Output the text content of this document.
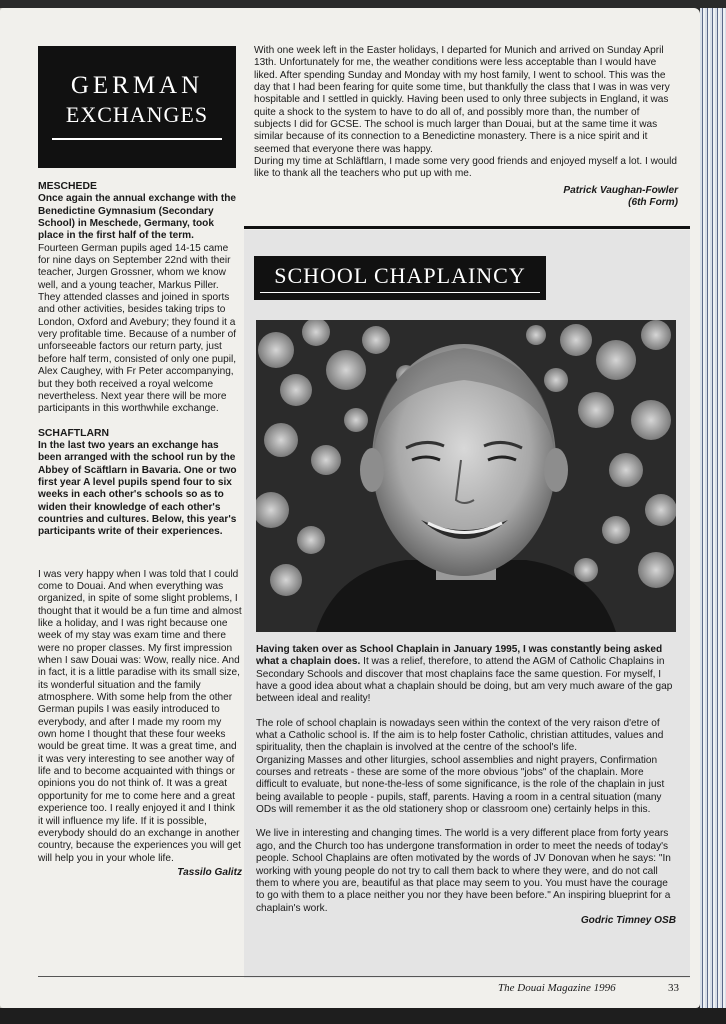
GERMAN
EXCHANGES

MESCHEDE

Once again the annual exchange with the Benedictine Gymnasium (Secondary School) in Meschede, Germany, took place in the first half of the term.

Fourteen German pupils aged 14-15 came for nine days on September 22nd with their teacher, Jurgen Grossner, whom we know well, and a young teacher, Markus Piller. They attended classes and joined in sports and other activities, besides taking trips to London, Oxford and Avebury; they found it a very profitable time. Because of a number of unforseeable factors our return party, just before half term, consisted of only one pupil, Alex Caughey, with Fr Peter accompanying, but they both received a royal welcome nevertheless. Next year there will be more participants in this worthwhile exchange.

SCHAFTLARN

In the last two years an exchange has been arranged with the school run by the Abbey of Scäftlarn in Bavaria. One or two first year A level pupils spend four to six weeks in each other's schools so as to widen their knowledge of each other's countries and cultures. Below, this year's participants write of their experiences.

I was very happy when I was told that I could come to Douai. And when everything was organized, in spite of some slight problems, I thought that it would be a fun time and almost like a holiday, and I was right because one week of my stay was exam time and there were no proper classes. My first impression when I saw Douai was: Wow, really nice. And in fact, it is a little paradise with its small size, its wonderful situation and the family atmosphere. With some help from the other German pupils I was easily introduced to everybody, and after I made my room my own home I thought that these four weeks would be great time. It was a great time, and it was very interesting to see another way of life and to become acquainted with things or opinions you do not think of. It was a great opportunity for me to come here and a great experience too. I really enjoyed it and I think it will influence my life. If it is possible, everybody should do an exchange in another country, because the experiences you will get will help you in your whole life.

Tassilo Galitz

With one week left in the Easter holidays, I departed for Munich and arrived on Sunday April 13th. Unfortunately for me, the weather conditions were less acceptable than I would have liked. After spending Sunday and Monday with my host family, I went to school. This was the day that I had been fearing for quite some time, but thankfully the class that I was in was very hospitable and I settled in quickly. Having been used to only three subjects in England, it was quite a shock to the system to have to do all of, and possibly more than, the number of subjects I did for GCSE. The school is much larger than Douai, but at the same time it was similar because of its connection to a Benedictine monastery. There is a nice spirit and it seemed that everyone there was happy.

During my time at Schläftlarn, I made some very good friends and enjoyed myself a lot. I would like to thank all the teachers who put up with me.

Patrick Vaughan-Fowler

(6th Form)

SCHOOL CHAPLAINCY

Having taken over as School Chaplain in January 1995, I was constantly being asked what a chaplain does. It was a relief, therefore, to attend the AGM of Catholic Chaplains in Secondary Schools and discover that most chaplains face the same question. For myself, I have a good idea about what a chaplain should be doing, but am very much aware of the gap between ideal and reality!

The role of school chaplain is nowadays seen within the context of the very raison d'etre of what a Catholic school is. If the aim is to help foster Catholic, christian attitudes, values and spirituality, then the chaplain is involved at the centre of the school's life.

Organizing Masses and other liturgies, school assemblies and night prayers, Confirmation courses and retreats - these are some of the more obvious "jobs" of the chaplain. More difficult to evaluate, but none-the-less of some significance, is the role of the chaplain in just being available to people - pupils, staff, parents. Having a room in a central situation (many ODs will remember it as the old stationery shop or classroom one) certainly helps in this.

We live in interesting and changing times. The world is a very different place from forty years ago, and the Church too has undergone transformation in order to meet the needs of today's people. School Chaplains are often motivated by the words of JV Donovan when he says: "In working with young people do not try to call them back to where they were, and do not call them to where you are, beautiful as that place may seem to you. You must have the courage to go with them to a place neither you nor they have been before." An inspiring blueprint for a chaplain's work.

Godric Timney OSB

The Douai Magazine 1996	33
